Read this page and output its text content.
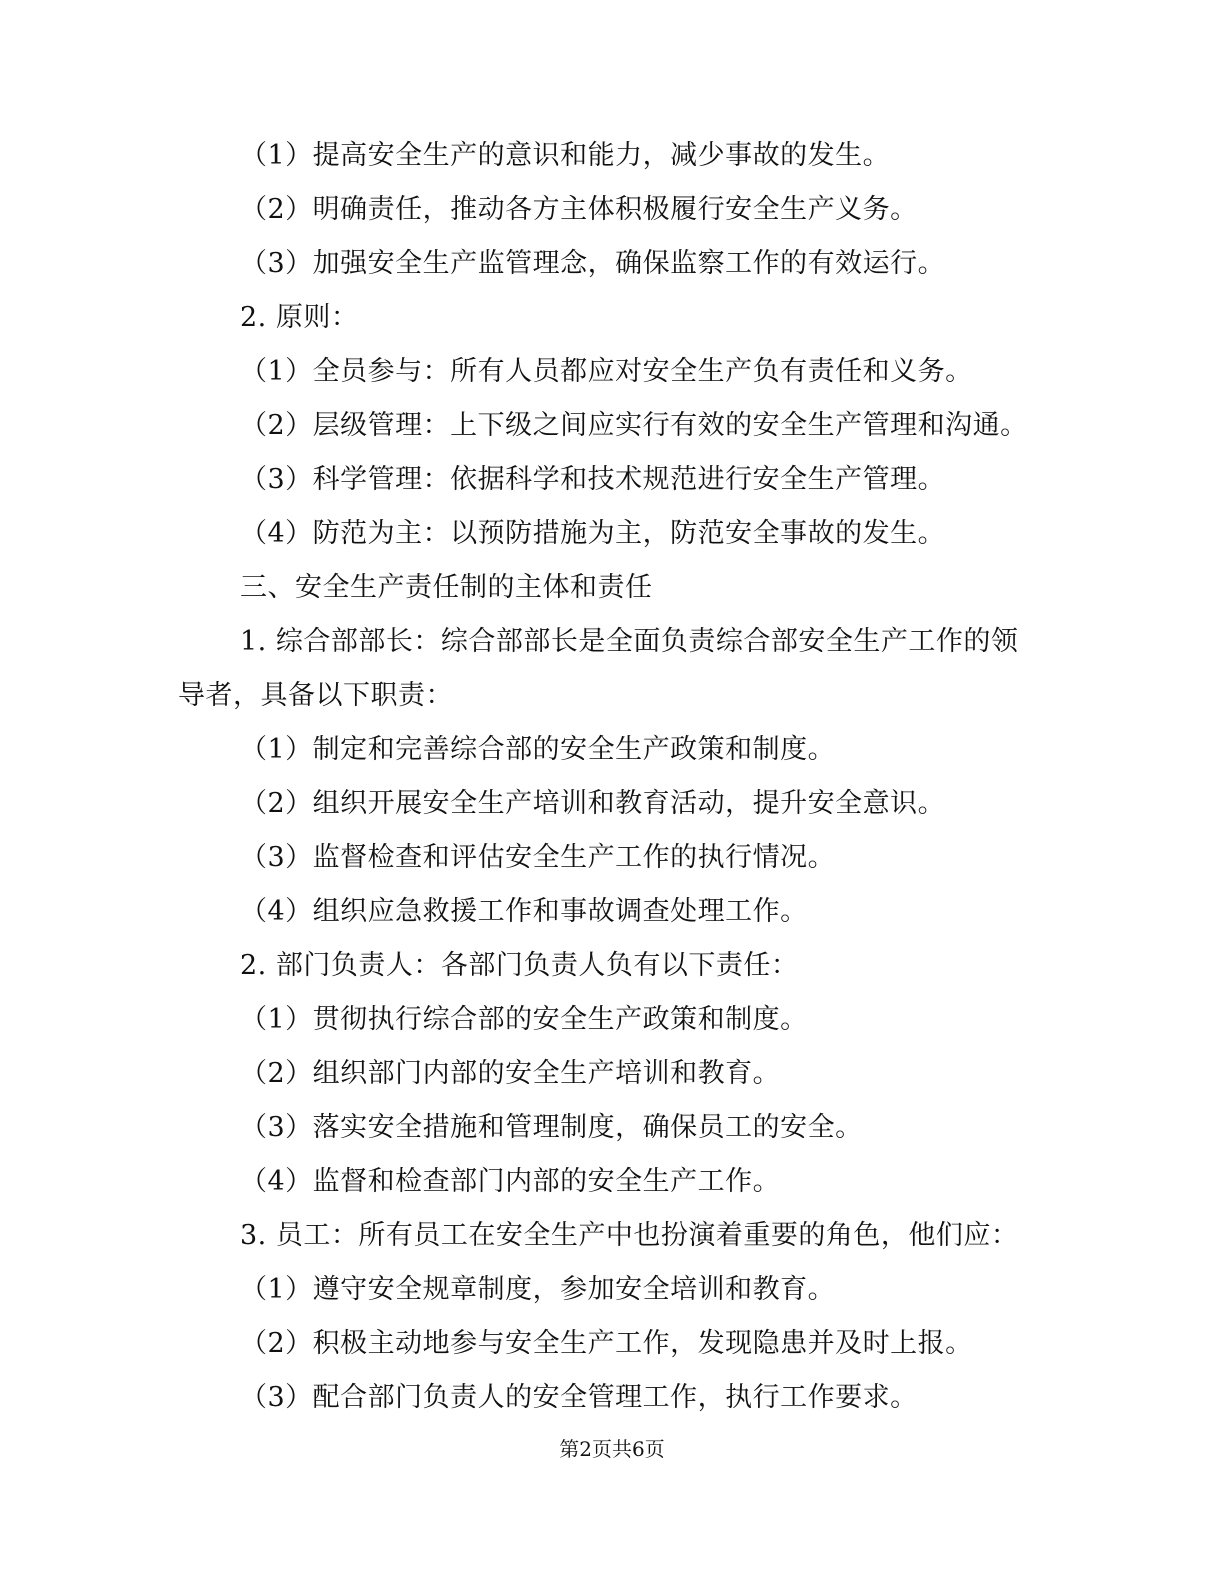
（1）提高安全生产的意识和能力，减少事故的发生。
（2）明确责任，推动各方主体积极履行安全生产义务。
（3）加强安全生产监管理念，确保监察工作的有效运行。
2. 原则：
（1）全员参与：所有人员都应对安全生产负有责任和义务。
（2）层级管理：上下级之间应实行有效的安全生产管理和沟通。
（3）科学管理：依据科学和技术规范进行安全生产管理。
（4）防范为主：以预防措施为主，防范安全事故的发生。
三、安全生产责任制的主体和责任
1. 综合部部长：综合部部长是全面负责综合部安全生产工作的领
导者，具备以下职责：
（1）制定和完善综合部的安全生产政策和制度。
（2）组织开展安全生产培训和教育活动，提升安全意识。
（3）监督检查和评估安全生产工作的执行情况。
（4）组织应急救援工作和事故调查处理工作。
2. 部门负责人：各部门负责人负有以下责任：
（1）贯彻执行综合部的安全生产政策和制度。
（2）组织部门内部的安全生产培训和教育。
（3）落实安全措施和管理制度，确保员工的安全。
（4）监督和检查部门内部的安全生产工作。
3. 员工：所有员工在安全生产中也扮演着重要的角色，他们应：
（1）遵守安全规章制度，参加安全培训和教育。
（2）积极主动地参与安全生产工作，发现隐患并及时上报。
（3）配合部门负责人的安全管理工作，执行工作要求。
第2页共6页
